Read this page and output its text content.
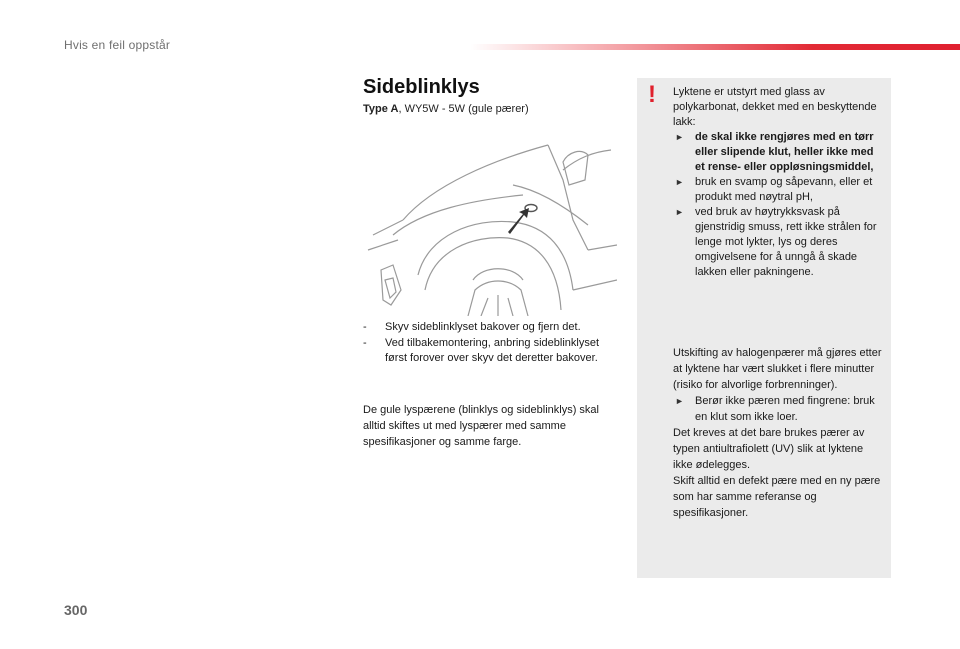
Hvis en feil oppstår
Sideblinklys
Type A, WY5W - 5W (gule pærer)
- Skyv sideblinklyset bakover og fjern det.
- Ved tilbakemontering, anbring sideblinklyset først forover over skyv det deretter bakover.

De gule lyspærene (blinklys og sideblinklys) skal alltid skiftes ut med lyspærer med samme spesifikasjoner og samme farge.

! Lyktene er utstyrt med glass av polykarbonat, dekket med en beskyttende lakk:

► de skal ikke rengjøres med en tørr eller slipende klut, heller ikke med et rense- eller oppløsningsmiddel,
► bruk en svamp og såpevann, eller et produkt med nøytral pH,
► ved bruk av høytrykksvask på gjenstridig smuss, rett ikke strålen for lenge mot lykter, lys og deres omgivelsene for å unngå å skade lakken eller pakningene.

Utskifting av halogenpærer må gjøres etter at lyktene har vært slukket i flere minutter (risiko for alvorlige forbrenninger).

► Berør ikke pæren med fingrene: bruk en klut som ikke loer.

Det kreves at det bare brukes pærer av typen antiultrafiolett (UV) slik at lyktene ikke ødelegges.

Skift alltid en defekt pære med en ny pære som har samme referanse og spesifikasjoner.

300
